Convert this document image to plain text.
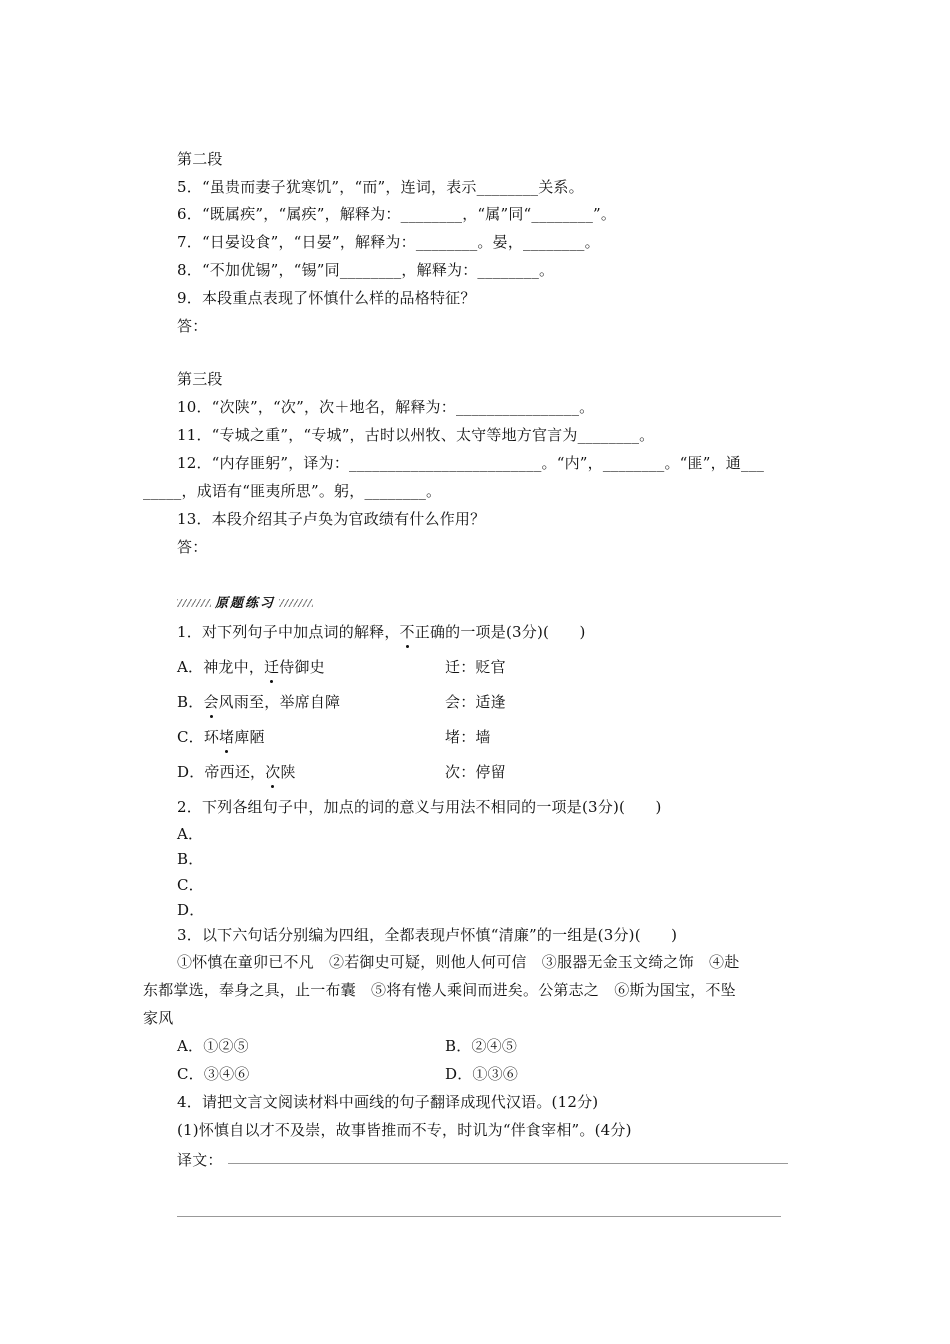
第二段
5．“虽贵而妻子犹寒饥”，“而”，连词，表示________关系。
6．“既属疾”，“属疾”，解释为：________，“属”同“________”。
7．“日晏设食”，“日晏”，解释为：________。晏，________。
8．“不加优锡”，“锡”同________，解释为：________。
9．本段重点表现了怀慎什么样的品格特征？
答：
第三段
10．“次陕”，“次”，次＋地名，解释为：________________。
11．“专城之重”，“专城”，古时以州牧、太守等地方官言为________。
12．“内存匪躬”，译为：_________________________。“内”，________。“匪”，通___
_____，成语有“匪夷所思”。躬，________。
13．本段介绍其子卢奂为官政绩有什么作用？
答：
原题练习
1．对下列句子中加点词的解释，不正确的一项是(3分)(　　)
A．神龙中，迁侍御史	迁：贬官
B．会风雨至，举席自障	会：适逢
C．环堵庳陋	堵：墙
D．帝西还，次陕	次：停留
2．下列各组句子中，加点的词的意义与用法不相同的一项是(3分)(　　)
A．
B．
C．
D．
3．以下六句话分别编为四组，全都表现卢怀慎“清廉”的一组是(3分)(　　)
①怀慎在童卯已不凡　②若御史可疑，则他人何可信　③服器无金玉文绮之饰　④赴
东都掌选，奉身之具，止一布囊　⑤将有惓人乘间而进矣。公第志之　⑥斯为国宝，不坠
家风
A．①②⑤	B．②④⑤
C．③④⑥	D．①③⑥
4．请把文言文阅读材料中画线的句子翻译成现代汉语。(12分)
(1)怀慎自以才不及崇，故事皆推而不专，时讥为“伴食宰相”。(4分)
译文：
